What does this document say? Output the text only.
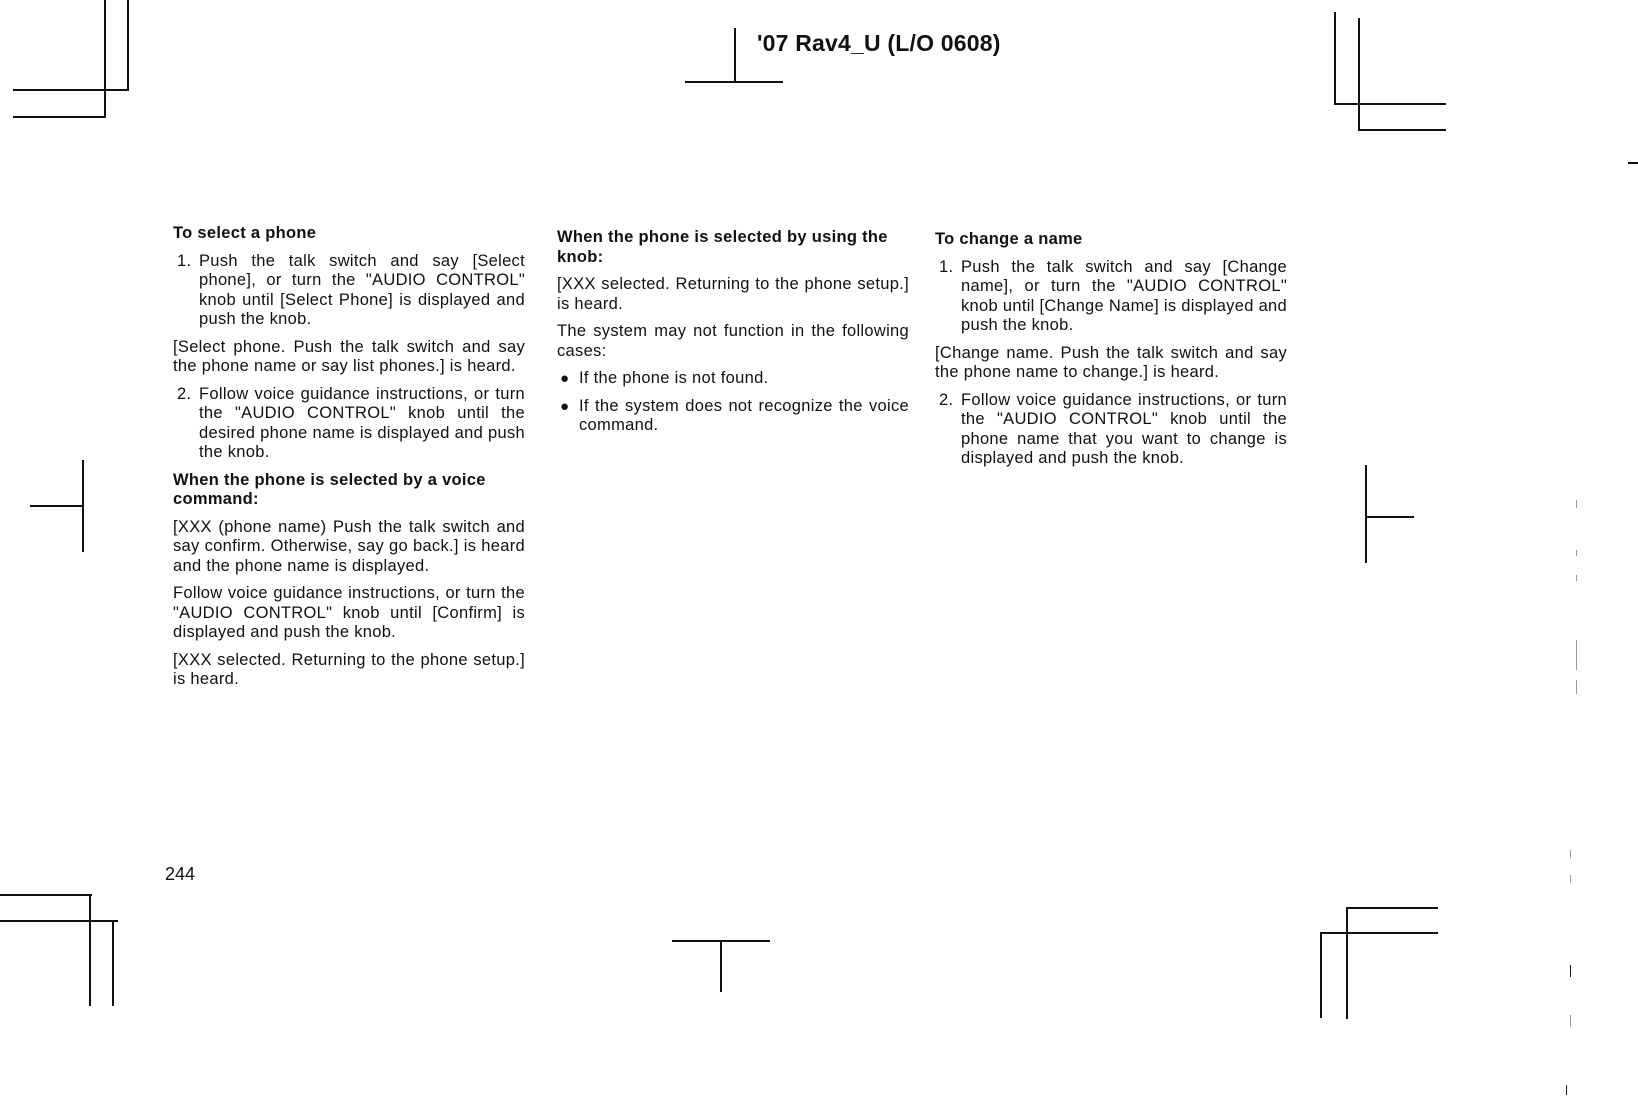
'07 Rav4_U (L/O 0608)
To select a phone
1. Push the talk switch and say [Select phone], or turn the "AUDIO CONTROL" knob until [Select Phone] is displayed and push the knob.
[Select phone. Push the talk switch and say the phone name or say list phones.] is heard.
2. Follow voice guidance instructions, or turn the "AUDIO CONTROL" knob until the desired phone name is displayed and push the knob.
When the phone is selected by a voice command:
[XXX (phone name) Push the talk switch and say confirm. Otherwise, say go back.] is heard and the phone name is displayed.
Follow voice guidance instructions, or turn the "AUDIO CONTROL" knob until [Confirm] is displayed and push the knob.
[XXX selected. Returning to the phone setup.] is heard.
When the phone is selected by using the knob:
[XXX selected. Returning to the phone setup.] is heard.
The system may not function in the following cases:
● If the phone is not found.
● If the system does not recognize the voice command.
To change a name
1. Push the talk switch and say [Change name], or turn the "AUDIO CONTROL" knob until [Change Name] is displayed and push the knob.
[Change name. Push the talk switch and say the phone name to change.] is heard.
2. Follow voice guidance instructions, or turn the "AUDIO CONTROL" knob until the phone name that you want to change is displayed and push the knob.
244
